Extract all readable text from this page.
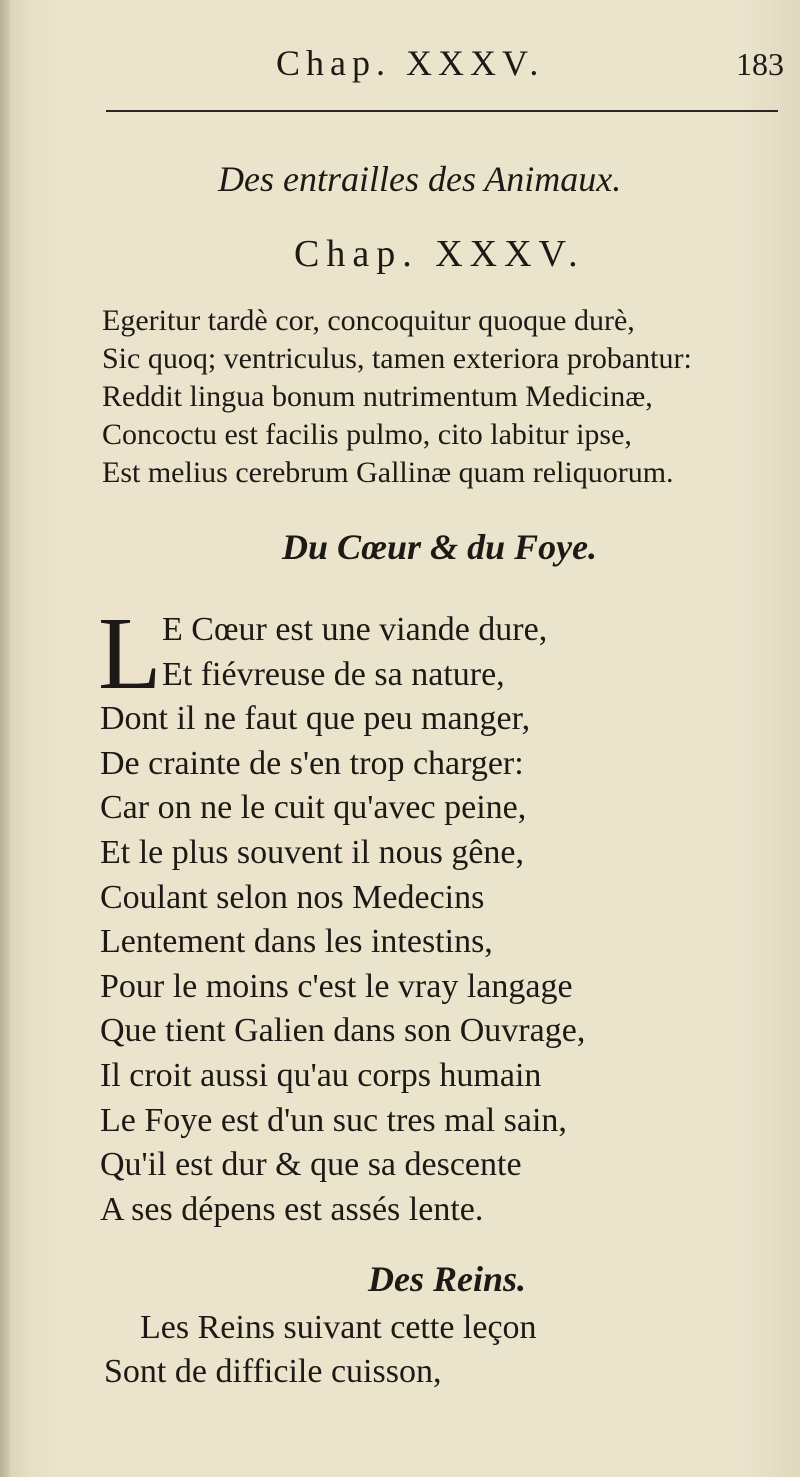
Chap. XXXV.	183
Des entrailles des Animaux.
Chap. XXXV.
Egeritur tardè cor, concoquitur quoque durè,
Sic quoq; ventriculus, tamen exteriora probantur:
Reddit lingua bonum nutrimentum Medicinæ,
Concoctu est facilis pulmo, cito labitur ipse,
Est melius cerebrum Gallinæ quam reliquorum.
Du Cœur & du Foye.
L E Cœur est une viande dure,
Et fiévreuse de sa nature,
Dont il ne faut que peu manger,
De crainte de s'en trop charger:
Car on ne le cuit qu'avec peine,
Et le plus souvent il nous gêne,
Coulant selon nos Medecins
Lentement dans les intestins,
Pour le moins c'est le vray langage
Que tient Galien dans son Ouvrage,
Il croit aussi qu'au corps humain
Le Foye est d'un suc tres mal sain,
Qu'il est dur & que sa descente
A ses dépens est assés lente.
Des Reins.
Les Reins suivant cette leçon
Sont de difficile cuisson,
